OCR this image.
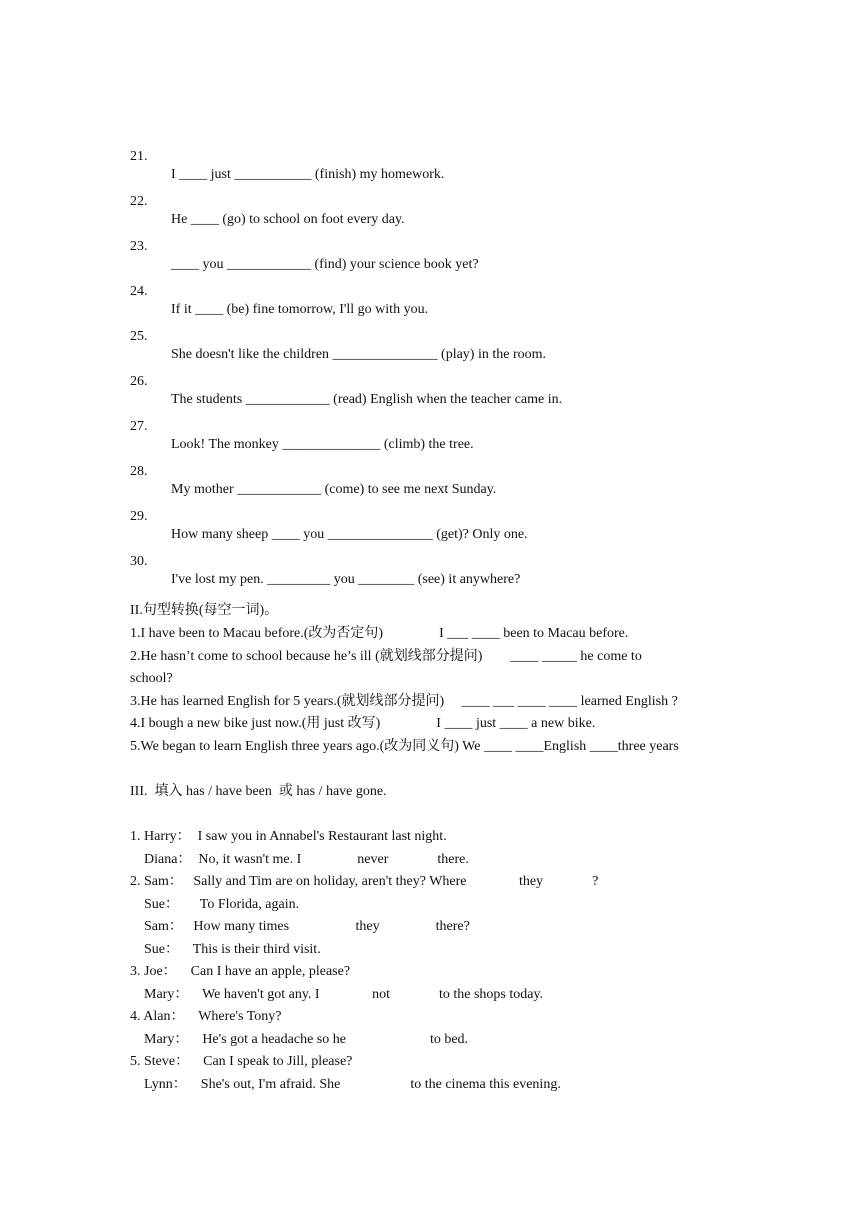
21.

I ____ just ___________ (finish) my homework.

22.

He ____ (go) to school on foot every day.

23.

____ you ____________ (find) your science book yet?

24.

If it ____ (be) fine tomorrow, I'll go with you.

25.

She doesn't like the children _______________ (play) in the room.

26.

The students ____________ (read) English when the teacher came in.

27.

Look! The monkey ______________ (climb) the tree.

28.

My mother ____________ (come) to see me next Sunday.

29.

How many sheep ____ you _______________ (get)? Only one.

30.

I've lost my pen. _________ you ________ (see) it anywhere?

II.句型转换(每空一词)。
1.I have been to Macau before.(改为否定句)                I ___ ____ been to Macau before.
2.He hasn’t come to school because he’s ill (就划线部分提问)        ____ _____ he come to
school?
3.He has learned English for 5 years.(就划线部分提问)     ____ ___ ____ ____ learned English ?
4.I bough a new bike just now.(用 just 改写)                I ____ just ____ a new bike.
5.We began to learn English three years ago.(改为同义句) We ____ ____English ____three years
III.  填入 has / have been  或 has / have gone.
1. Harry：  I saw you in Annabel's Restaurant last night.
Diana：  No, it wasn't me. I                never              there.
2. Sam：   Sally and Tim are on holiday, aren't they? Where               they              ?
Sue：      To Florida, again.
Sam：   How many times                   they                there?
Sue：    This is their third visit.
3. Joe：    Can I have an apple, please?
Mary：    We haven't got any. I               not              to the shops today.
4. Alan：    Where's Tony?
Mary：    He's got a headache so he                        to bed.
5. Steve：    Can I speak to Jill, please?
Lynn：    She's out, I'm afraid. She                    to the cinema this evening.
